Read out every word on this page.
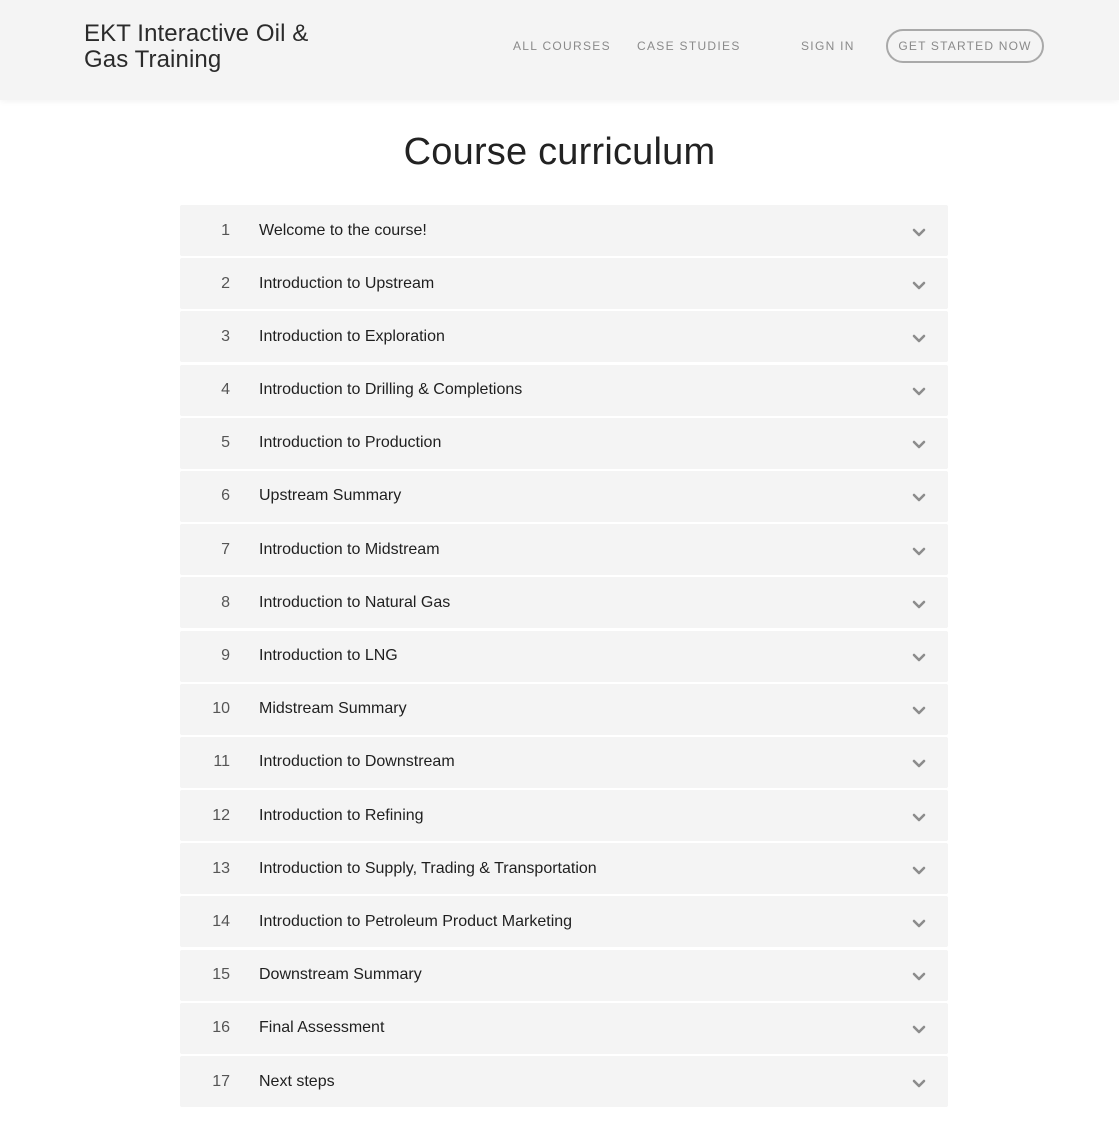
EKT Interactive Oil &
Gas Training	ALL COURSES CASE STUDIES	SIGN IN	GET STARTED NOW
Course curriculum
1	Welcome to the course!
2	Introduction to Upstream
3	Introduction to Exploration
4	Introduction to Drilling & Completions
5	Introduction to Production
6	Upstream Summary
7	Introduction to Midstream
8	Introduction to Natural Gas
9	Introduction to LNG
10	Midstream Summary
11	Introduction to Downstream
12	Introduction to Refining
13	Introduction to Supply, Trading & Transportation
14	Introduction to Petroleum Product Marketing
15	Downstream Summary
16	Final Assessment
17	Next steps
